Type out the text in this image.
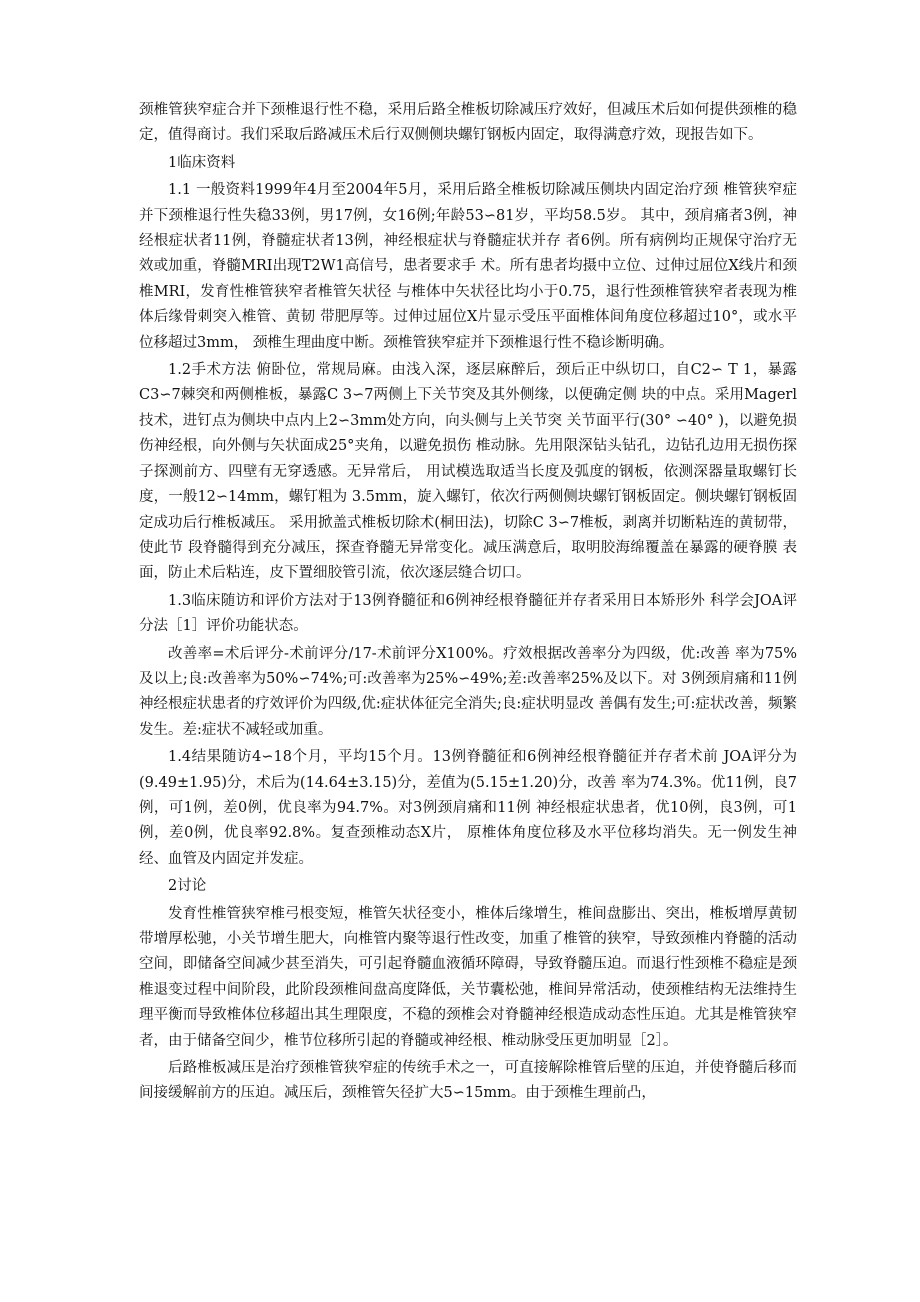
颈椎管狭窄症合并下颈椎退行性不稳，采用后路全椎板切除减压疗效好，但减压术后如何提供颈椎的稳定，值得商讨。我们采取后路减压术后行双侧侧块螺钉钢板内固定，取得满意疗效，现报告如下。

1临床资料

1.1 一般资料1999年4月至2004年5月，采用后路全椎板切除减压侧块内固定治疗颈 椎管狭窄症并下颈椎退行性失稳33例，男17例，女16例;年龄53∽81岁，平均58.5岁。 其中，颈肩痛者3例，神经根症状者11例，脊髓症状者13例，神经根症状与脊髓症状并存 者6例。所有病例均正规保守治疗无效或加重，脊髓MRI出现T2W1高信号，患者要求手 术。所有患者均摄中立位、过伸过屈位X线片和颈椎MRI，发育性椎管狭窄者椎管矢状径 与椎体中矢状径比均小于0.75，退行性颈椎管狭窄者表现为椎体后缘骨刺突入椎管、黄韧 带肥厚等。过伸过屈位X片显示受压平面椎体间角度位移超过10°，或水平位移超过3mm， 颈椎生理曲度中断。颈椎管狭窄症并下颈椎退行性不稳诊断明确。

1.2手术方法 俯卧位，常规局麻。由浅入深，逐层麻醉后，颈后正中纵切口，自C2∽ T 1，暴露C3∽7棘突和两侧椎板，暴露C 3∽7两侧上下关节突及其外侧缘，以便确定侧 块的中点。采用Magerl技术，进钉点为侧块中点内上2∽3mm处方向，向头侧与上关节突 关节面平行(30° ∽40° )，以避免损伤神经根，向外侧与矢状面成25°夹角，以避免损伤 椎动脉。先用限深钻头钻孔，边钻孔边用无损伤探子探测前方、四壁有无穿透感。无异常后， 用试模选取适当长度及弧度的钢板，依测深器量取螺钉长度，一般12∽14mm，螺钉粗为 3.5mm，旋入螺钉，依次行两侧侧块螺钉钢板固定。侧块螺钉钢板固定成功后行椎板减压。 采用掀盖式椎板切除术(桐田法)，切除C 3∽7椎板，剥离并切断粘连的黄韧带，使此节 段脊髓得到充分减压，探查脊髓无异常变化。减压满意后，取明胶海绵覆盖在暴露的硬脊膜 表面，防止术后粘连，皮下置细胶管引流，依次逐层缝合切口。

1.3临床随访和评价方法对于13例脊髓征和6例神经根脊髓征并存者采用日本矫形外 科学会JOA评分法［1］评价功能状态。

改善率=术后评分-术前评分/17-术前评分X100%。疗效根据改善率分为四级，优:改善 率为75%及以上;良:改善率为50%∽74%;可:改善率为25%∽49%;差:改善率25%及以下。对 3例颈肩痛和11例神经根症状患者的疗效评价为四级,优:症状体征完全消失;良:症状明显改 善偶有发生;可:症状改善，频繁发生。差:症状不减轻或加重。

1.4结果随访4∽18个月，平均15个月。13例脊髓征和6例神经根脊髓征并存者术前 JOA评分为(9.49±1.95)分，术后为(14.64±3.15)分，差值为(5.15±1.20)分，改善 率为74.3%。优11例，良7例，可1例，差0例，优良率为94.7%。对3例颈肩痛和11例 神经根症状患者，优10例，良3例，可1例，差0例，优良率92.8%。复查颈椎动态X片， 原椎体角度位移及水平位移均消失。无一例发生神经、血管及内固定并发症。

2讨论

发育性椎管狭窄椎弓根变短，椎管矢状径变小，椎体后缘增生，椎间盘膨出、突出，椎板增厚黄韧带增厚松驰，小关节增生肥大，向椎管内聚等退行性改变，加重了椎管的狭窄，导致颈椎内脊髓的活动空间，即储备空间减少甚至消失，可引起脊髓血液循环障碍，导致脊髓压迫。而退行性颈椎不稳症是颈椎退变过程中间阶段，此阶段颈椎间盘高度降低，关节囊松弛，椎间异常活动，使颈椎结构无法维持生理平衡而导致椎体位移超出其生理限度，不稳的颈椎会对脊髓神经根造成动态性压迫。尤其是椎管狭窄者，由于储备空间少，椎节位移所引起的脊髓或神经根、椎动脉受压更加明显［2］。

后路椎板减压是治疗颈椎管狭窄症的传统手术之一，可直接解除椎管后壁的压迫，并使脊髓后移而间接缓解前方的压迫。减压后，颈椎管矢径扩大5∽15mm。由于颈椎生理前凸，
